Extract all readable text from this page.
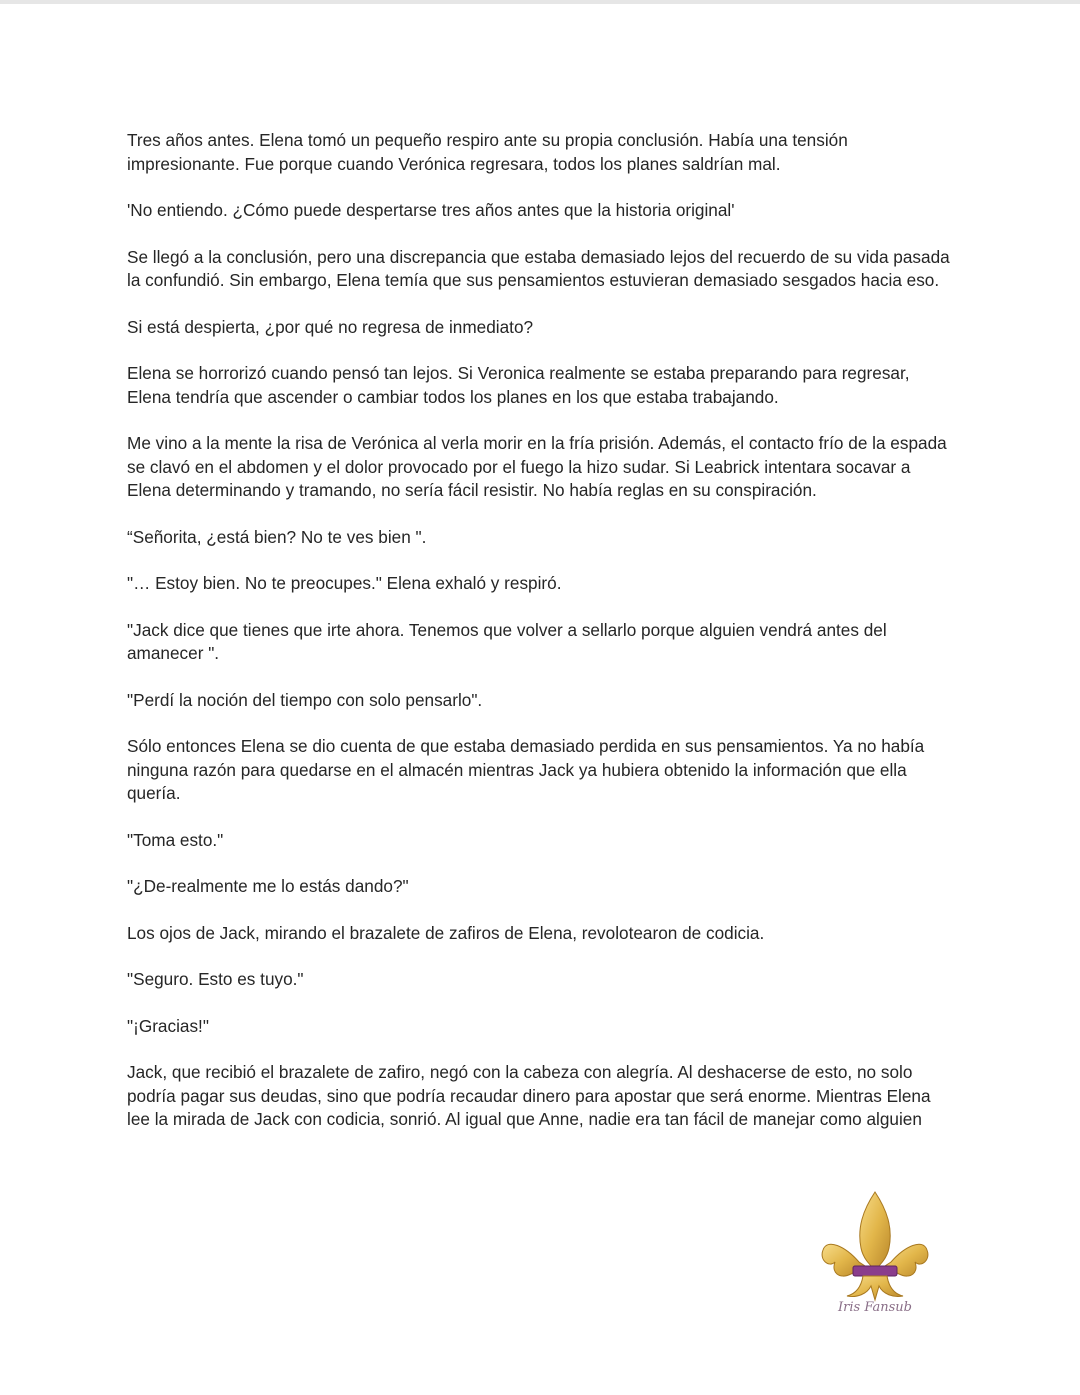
Tres años antes. Elena tomó un pequeño respiro ante su propia conclusión. Había una tensión impresionante. Fue porque cuando Verónica regresara, todos los planes saldrían mal.

'No entiendo. ¿Cómo puede despertarse tres años antes que la historia original'

Se llegó a la conclusión, pero una discrepancia que estaba demasiado lejos del recuerdo de su vida pasada la confundió. Sin embargo, Elena temía que sus pensamientos estuvieran demasiado sesgados hacia eso.

Si está despierta, ¿por qué no regresa de inmediato?

Elena se horrorizó cuando pensó tan lejos. Si Veronica realmente se estaba preparando para regresar, Elena tendría que ascender o cambiar todos los planes en los que estaba trabajando.

Me vino a la mente la risa de Verónica al verla morir en la fría prisión. Además, el contacto frío de la espada se clavó en el abdomen y el dolor provocado por el fuego la hizo sudar. Si Leabrick intentara socavar a Elena determinando y tramando, no sería fácil resistir. No había reglas en su conspiración.

“Señorita, ¿está bien? No te ves bien ".

"… Estoy bien. No te preocupes." Elena exhaló y respiró.

"Jack dice que tienes que irte ahora. Tenemos que volver a sellarlo porque alguien vendrá antes del amanecer ".

"Perdí la noción del tiempo con solo pensarlo".

Sólo entonces Elena se dio cuenta de que estaba demasiado perdida en sus pensamientos. Ya no había ninguna razón para quedarse en el almacén mientras Jack ya hubiera obtenido la información que ella quería.

"Toma esto."

"¿De-realmente me lo estás dando?"

Los ojos de Jack, mirando el brazalete de zafiros de Elena, revolotearon de codicia.

"Seguro. Esto es tuyo."

"¡Gracias!"

Jack, que recibió el brazalete de zafiro, negó con la cabeza con alegría. Al deshacerse de esto, no solo podría pagar sus deudas, sino que podría recaudar dinero para apostar que será enorme. Mientras Elena lee la mirada de Jack con codicia, sonrió. Al igual que Anne, nadie era tan fácil de manejar como alguien

Iris Fansub
